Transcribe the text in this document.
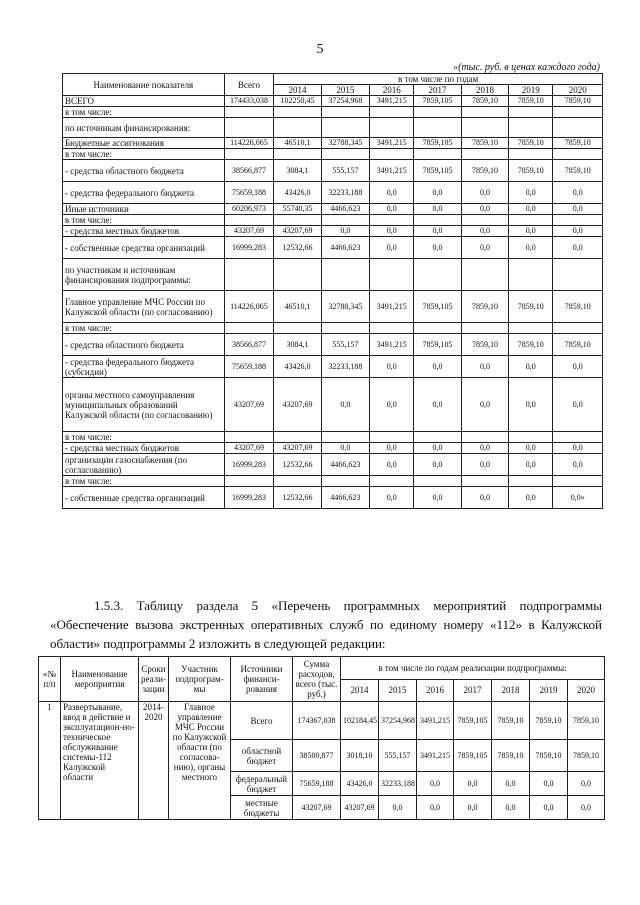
5
«(тыс. руб. в ценах каждого года)
Наименование показателя	Всего	в том числе по годам						
		2014	2015	2016	2017	2018	2019	2020
ВСЕГО	174433,038	102250,45	37254,968	3491,215	7859,105	7859,10	7859,10	7859,10
в том числе:								
по источникам финансирования:								
Бюджетные ассигнования	114226,065	46510,1	32788,345	3491,215	7859,105	7859,10	7859,10	7859,10
в том числе:								
- средства областного бюджета	38566,877	3084,1	555,157	3491,215	7859,105	7859,10	7859,10	7859,10
- средства федерального бюджета	75659,188	43426,0	32233,188	0,0	0,0	0,0	0,0	0,0
Иные источники	60206,973	55740,35	4466,623	0,0	0,0	0,0	0,0	0,0
в том числе:								
- средства местных бюджетов	43207,69	43207,69	0,0	0,0	0,0	0,0	0,0	0,0
- собственные средства организаций	16999,283	12532,66	4466,623	0,0	0,0	0,0	0,0	0,0
по участникам и источникам финансирования подпрограммы:								
Главное управление МЧС России по Калужской области (по согласованию)	114226,065	46510,1	32788,345	3491,215	7859,105	7859,10	7859,10	7859,10
в том числе:								
- средства областного бюджета	38566,877	3084,1	555,157	3491,215	7859,105	7859,10	7859,10	7859,10
- средства федерального бюджета (субсидии)	75659,188	43426,0	32233,188	0,0	0,0	0,0	0,0	0,0
органы местного самоуправления муниципальных образований Калужской области (по согласованию)	43207,69	43207,69	0,0	0,0	0,0	0,0	0,0	0,0
в том числе:								
- средства местных бюджетов	43207,69	43207,69	0,0	0,0	0,0	0,0	0,0	0,0
организации газоснабжения (по согласованию)	16999,283	12532,66	4466,623	0,0	0,0	0,0	0,0	0,0
в том числе:								
- собственные средства организаций	16999,283	12532,66	4466,623	0,0	0,0	0,0	0,0	0,0»
1.5.3. Таблицу раздела 5 «Перечень программных мероприятий подпрограммы «Обеспечение вызова экстренных оперативных служб по единому номеру «112» в Калужской области» подпрограммы 2 изложить в следующей редакции:
«№ п/п	Наименование мероприятия	Сроки реали-зации	Участник подпрограм-мы	Источники финанси-рования	Сумма расходов, всего (тыс. руб.)	в том числе по годам реализации подпрограммы:						
						2014	2015	2016	2017	2018	2019	2020
1	Развертывание, ввод в действие и эксплуатацион-но-техническое обслуживание системы-112 Калужской области	2014-2020	Главное управление МЧС России по Калужской области (по согласова-нию), органы местного	Всего	174367,038	102184,45	37254,968	3491,215	7859,105	7859,10	7859,10	7859,10
				областной бюджет	38500,877	3018,10	555,157	3491,215	7859,105	7859,10	7859,10	7859,10
				федеральный бюджет	75659,188	43426,0	32233,188	0,0	0,0	0,0	0,0	0,0
				местные бюджеты	43207,69	43207,69	0,0	0,0	0,0	0,0	0,0	0,0
